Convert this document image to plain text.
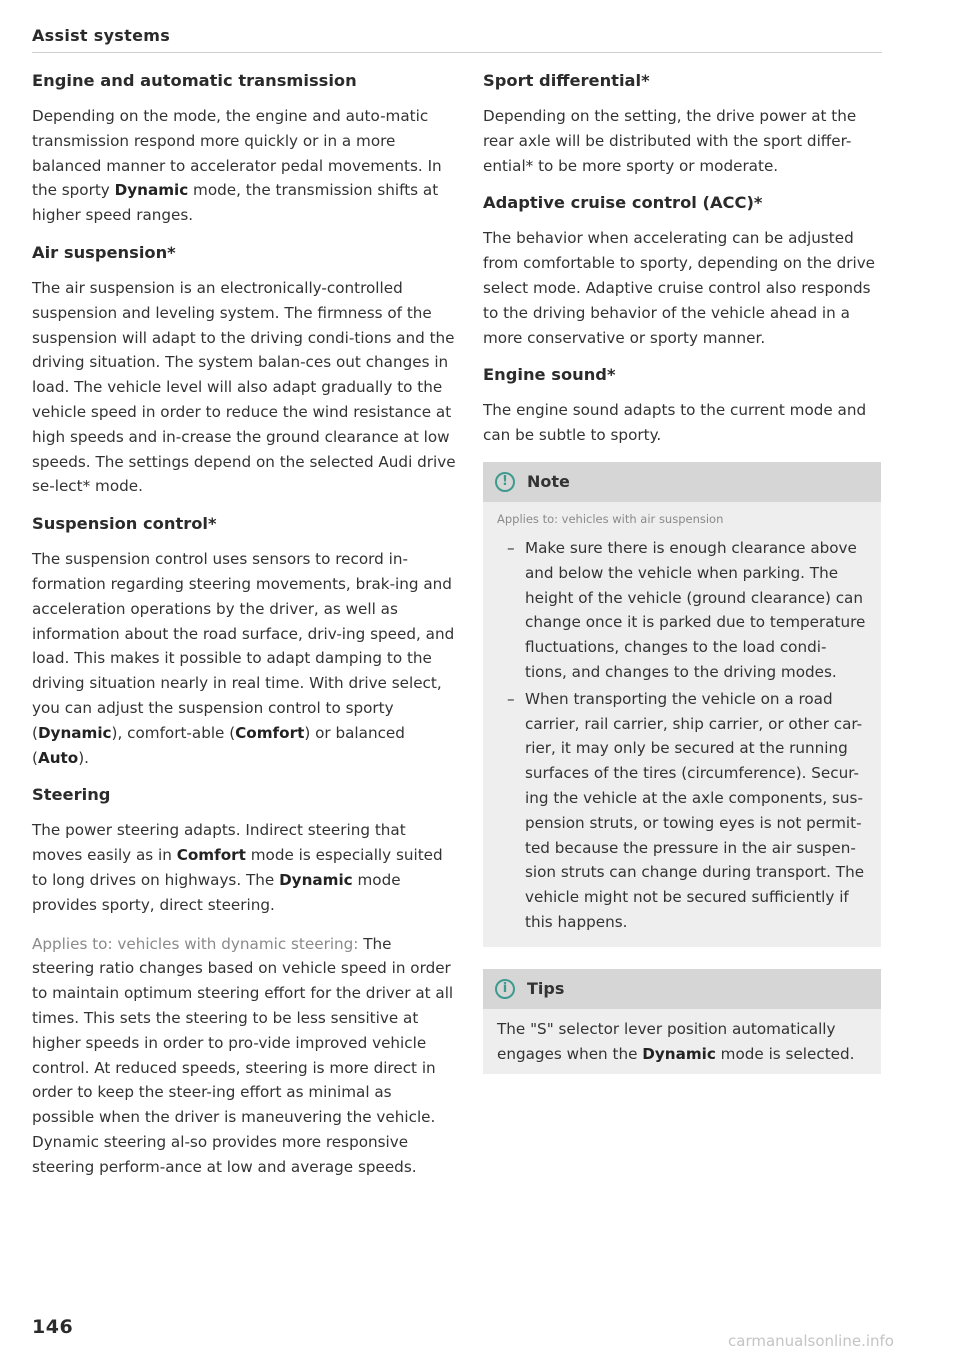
Assist systems
Engine and automatic transmission

Depending on the mode, the engine and auto-matic transmission respond more quickly or in a more balanced manner to accelerator pedal movements. In the sporty Dynamic mode, the transmission shifts at higher speed ranges.

Air suspension*

The air suspension is an electronically-controlled suspension and leveling system. The firmness of the suspension will adapt to the driving condi-tions and the driving situation. The system balan-ces out changes in load. The vehicle level will also adapt gradually to the vehicle speed in order to reduce the wind resistance at high speeds and in-crease the ground clearance at low speeds. The settings depend on the selected Audi drive se-lect* mode.

Suspension control*

The suspension control uses sensors to record in-formation regarding steering movements, brak-ing and acceleration operations by the driver, as well as information about the road surface, driv-ing speed, and load. This makes it possible to adapt damping to the driving situation nearly in real time. With drive select, you can adjust the suspension control to sporty (Dynamic), comfort-able (Comfort) or balanced (Auto).

Steering

The power steering adapts. Indirect steering that moves easily as in Comfort mode is especially suited to long drives on highways. The Dynamic mode provides sporty, direct steering.

Applies to: vehicles with dynamic steering: The steering ratio changes based on vehicle speed in order to maintain optimum steering effort for the driver at all times. This sets the steering to be less sensitive at higher speeds in order to pro-vide improved vehicle control. At reduced speeds, steering is more direct in order to keep the steer-ing effort as minimal as possible when the driver is maneuvering the vehicle. Dynamic steering al-so provides more responsive steering perform-ance at low and average speeds.

Sport differential*

Depending on the setting, the drive power at the rear axle will be distributed with the sport differ-ential* to be more sporty or moderate.

Adaptive cruise control (ACC)*

The behavior when accelerating can be adjusted from comfortable to sporty, depending on the drive select mode. Adaptive cruise control also responds to the driving behavior of the vehicle ahead in a more conservative or sporty manner.

Engine sound*

The engine sound adapts to the current mode and can be subtle to sporty.

!	Note
Applies to: vehicles with air suspension
– Make sure there is enough clearance above and below the vehicle when parking. The height of the vehicle (ground clearance) can change once it is parked due to temperature fluctuations, changes to the load condi-tions, and changes to the driving modes.
– When transporting the vehicle on a road carrier, rail carrier, ship carrier, or other car-rier, it may only be secured at the running surfaces of the tires (circumference). Secur-ing the vehicle at the axle components, sus-pension struts, or towing eyes is not permit-ted because the pressure in the air suspen-sion struts can change during transport. The vehicle might not be secured sufficiently if this happens.
i	Tips
The "S" selector lever position automatically engages when the Dynamic mode is selected.
146
carmanualsonline.info
